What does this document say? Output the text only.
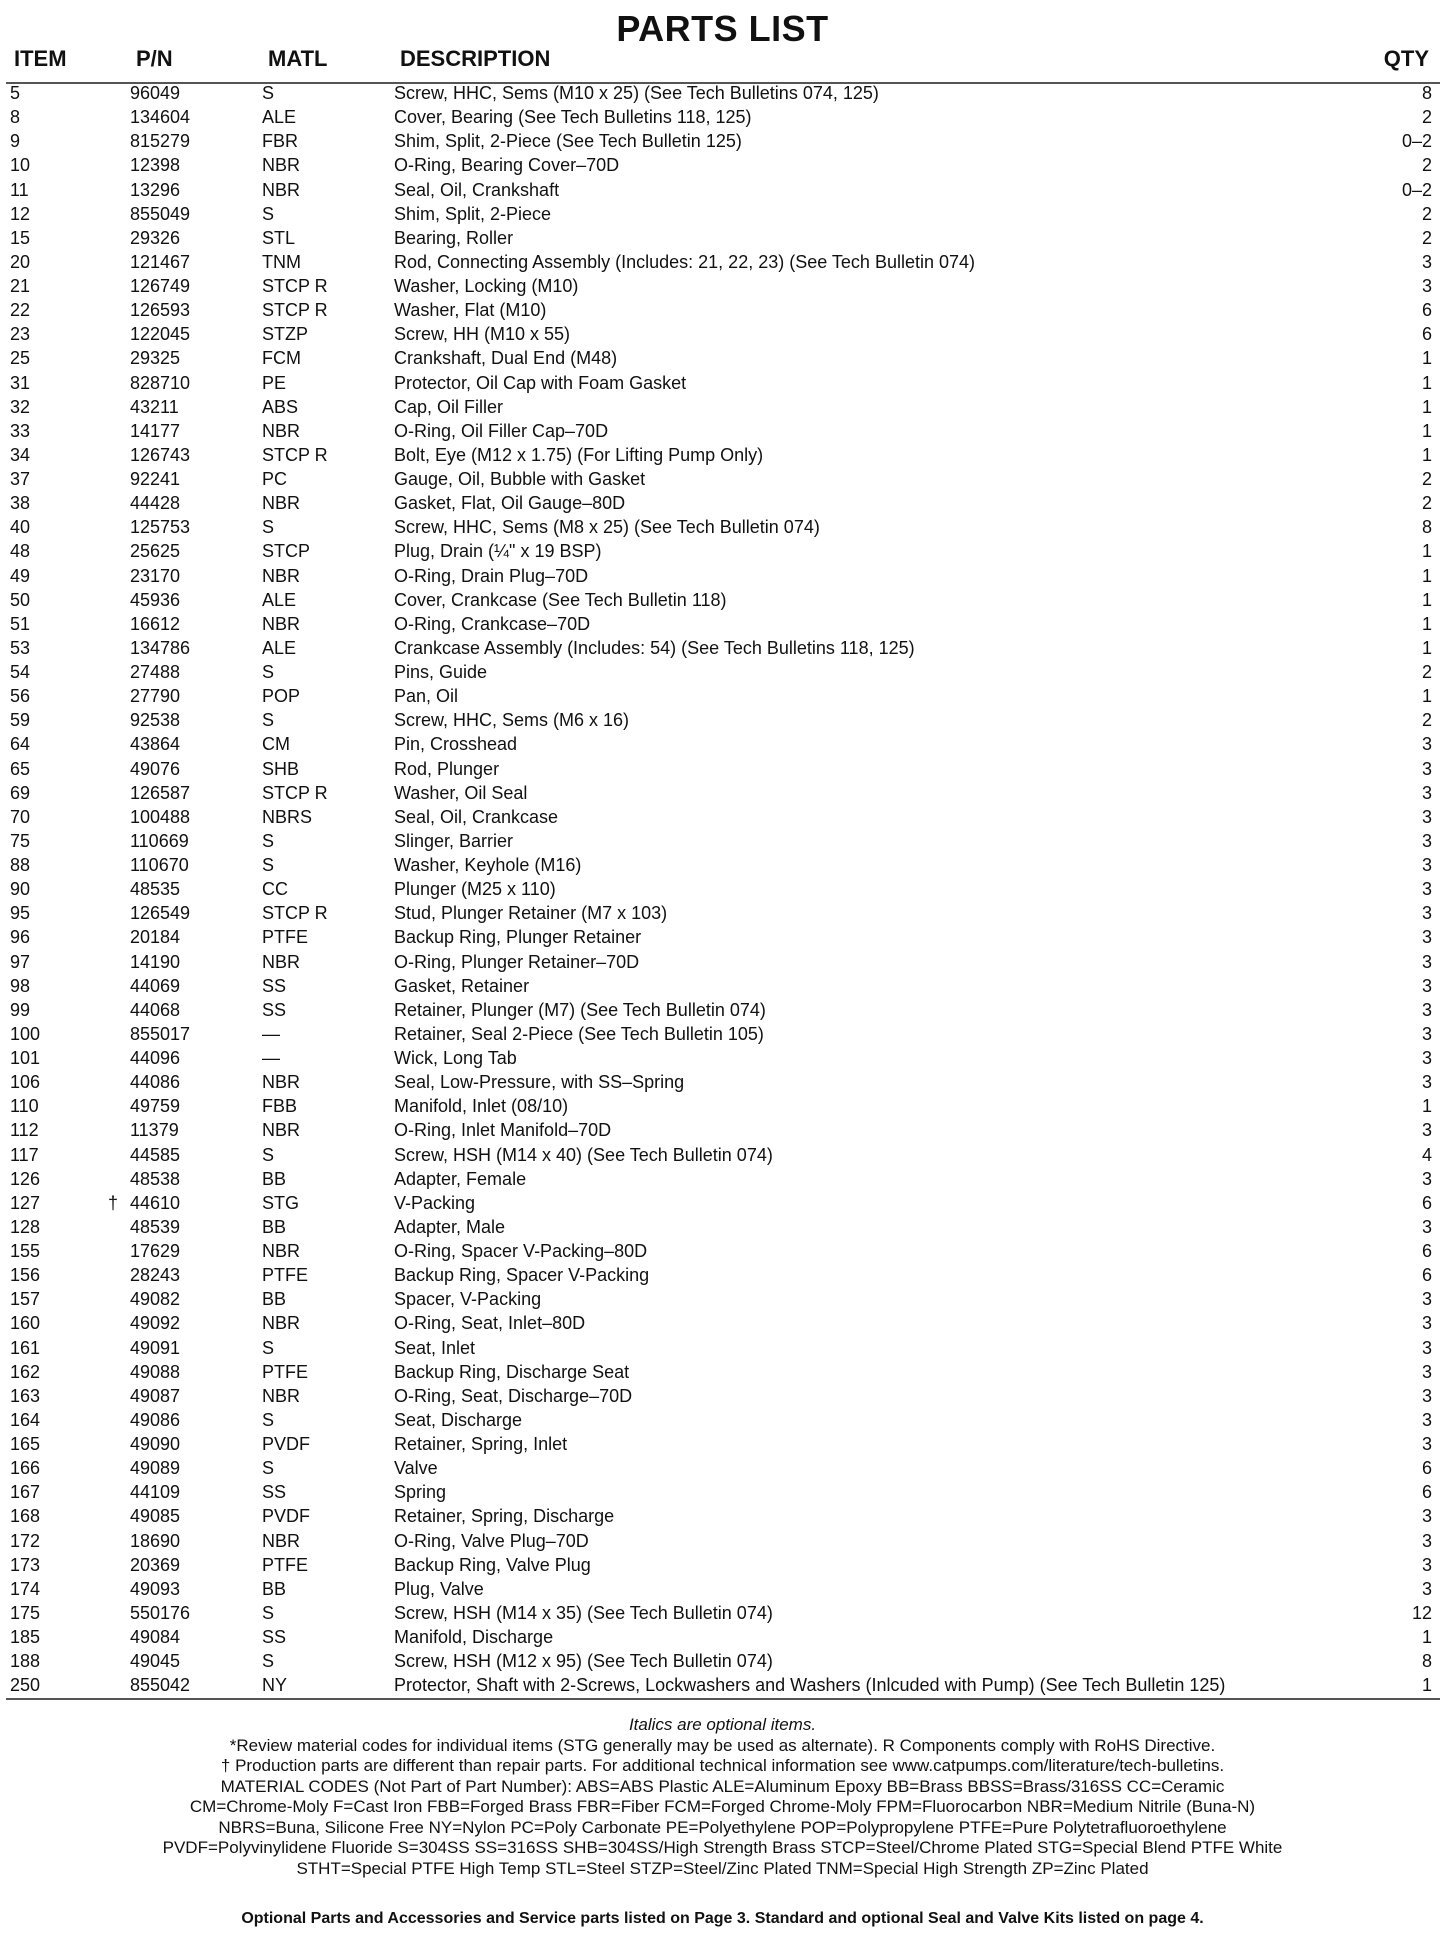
PARTS LIST
ITEM	P/N	MATL	DESCRIPTION	QTY
5	96049	S	Screw, HHC, Sems (M10 x 25) (See Tech Bulletins 074, 125)	8
8	134604	ALE	Cover, Bearing (See Tech Bulletins 118, 125)	2
9	815279	FBR	Shim, Split, 2-Piece (See Tech Bulletin 125)	0–2
10	12398	NBR	O-Ring, Bearing Cover–70D	2
11	13296	NBR	Seal, Oil, Crankshaft	0–2
12	855049	S	Shim, Split, 2-Piece	2
15	29326	STL	Bearing, Roller	2
20	121467	TNM	Rod, Connecting Assembly (Includes: 21, 22, 23) (See Tech Bulletin 074)	3
21	126749	STCP R	Washer, Locking (M10)	3
22	126593	STCP R	Washer, Flat (M10)	6
23	122045	STZP	Screw, HH (M10 x 55)	6
25	29325	FCM	Crankshaft, Dual End (M48)	1
31	828710	PE	Protector, Oil Cap with Foam Gasket	1
32	43211	ABS	Cap, Oil Filler	1
33	14177	NBR	O-Ring, Oil Filler Cap–70D	1
34	126743	STCP R	Bolt, Eye (M12 x 1.75) (For Lifting Pump Only)	1
37	92241	PC	Gauge, Oil, Bubble with Gasket	2
38	44428	NBR	Gasket, Flat, Oil Gauge–80D	2
40	125753	S	Screw, HHC, Sems (M8 x 25) (See Tech Bulletin 074)	8
48	25625	STCP	Plug, Drain (¼" x 19 BSP)	1
49	23170	NBR	O-Ring, Drain Plug–70D	1
50	45936	ALE	Cover, Crankcase (See Tech Bulletin 118)	1
51	16612	NBR	O-Ring, Crankcase–70D	1
53	134786	ALE	Crankcase Assembly (Includes: 54) (See Tech Bulletins 118, 125)	1
54	27488	S	Pins, Guide	2
56	27790	POP	Pan, Oil	1
59	92538	S	Screw, HHC, Sems (M6 x 16)	2
64	43864	CM	Pin, Crosshead	3
65	49076	SHB	Rod, Plunger	3
69	126587	STCP R	Washer, Oil Seal	3
70	100488	NBRS	Seal, Oil, Crankcase	3
75	110669	S	Slinger, Barrier	3
88	110670	S	Washer, Keyhole (M16)	3
90	48535	CC	Plunger (M25 x 110)	3
95	126549	STCP R	Stud, Plunger Retainer (M7 x 103)	3
96	20184	PTFE	Backup Ring, Plunger Retainer	3
97	14190	NBR	O-Ring, Plunger Retainer–70D	3
98	44069	SS	Gasket, Retainer	3
99	44068	SS	Retainer, Plunger (M7) (See Tech Bulletin 074)	3
100	855017	—	Retainer, Seal 2-Piece (See Tech Bulletin 105)	3
101	44096	—	Wick, Long Tab	3
106	44086	NBR	Seal, Low-Pressure, with SS–Spring	3
110	49759	FBB	Manifold, Inlet (08/10)	1
112	11379	NBR	O-Ring, Inlet Manifold–70D	3
117	44585	S	Screw, HSH (M14 x 40) (See Tech Bulletin 074)	4
126	48538	BB	Adapter, Female	3
127	† 44610	STG	V-Packing	6
128	48539	BB	Adapter, Male	3
155	17629	NBR	O-Ring, Spacer V-Packing–80D	6
156	28243	PTFE	Backup Ring, Spacer V-Packing	6
157	49082	BB	Spacer, V-Packing	3
160	49092	NBR	O-Ring, Seat, Inlet–80D	3
161	49091	S	Seat, Inlet	3
162	49088	PTFE	Backup Ring, Discharge Seat	3
163	49087	NBR	O-Ring, Seat, Discharge–70D	3
164	49086	S	Seat, Discharge	3
165	49090	PVDF	Retainer, Spring, Inlet	3
166	49089	S	Valve	6
167	44109	SS	Spring	6
168	49085	PVDF	Retainer, Spring, Discharge	3
172	18690	NBR	O-Ring, Valve Plug–70D	3
173	20369	PTFE	Backup Ring, Valve Plug	3
174	49093	BB	Plug, Valve	3
175	550176	S	Screw, HSH (M14 x 35) (See Tech Bulletin 074)	12
185	49084	SS	Manifold, Discharge	1
188	49045	S	Screw, HSH (M12 x 95) (See Tech Bulletin 074)	8
250	855042	NY	Protector, Shaft with 2-Screws, Lockwashers and Washers (Inlcuded with Pump) (See Tech Bulletin 125)	1
Italics are optional items.
*Review material codes for individual items (STG generally may be used as alternate). R Components comply with RoHS Directive.
† Production parts are different than repair parts. For additional technical information see www.catpumps.com/literature/tech-bulletins.
MATERIAL CODES (Not Part of Part Number): ABS=ABS Plastic ALE=Aluminum Epoxy BB=Brass BBSS=Brass/316SS CC=Ceramic
CM=Chrome-Moly F=Cast Iron FBB=Forged Brass FBR=Fiber FCM=Forged Chrome-Moly FPM=Fluorocarbon NBR=Medium Nitrile (Buna-N)
NBRS=Buna, Silicone Free NY=Nylon PC=Poly Carbonate PE=Polyethylene POP=Polypropylene PTFE=Pure Polytetrafluoroethylene
PVDF=Polyvinylidene Fluoride S=304SS SS=316SS SHB=304SS/High Strength Brass STCP=Steel/Chrome Plated STG=Special Blend PTFE White
STHT=Special PTFE High Temp STL=Steel STZP=Steel/Zinc Plated TNM=Special High Strength ZP=Zinc Plated
Optional Parts and Accessories and Service parts listed on Page 3. Standard and optional Seal and Valve Kits listed on page 4.
